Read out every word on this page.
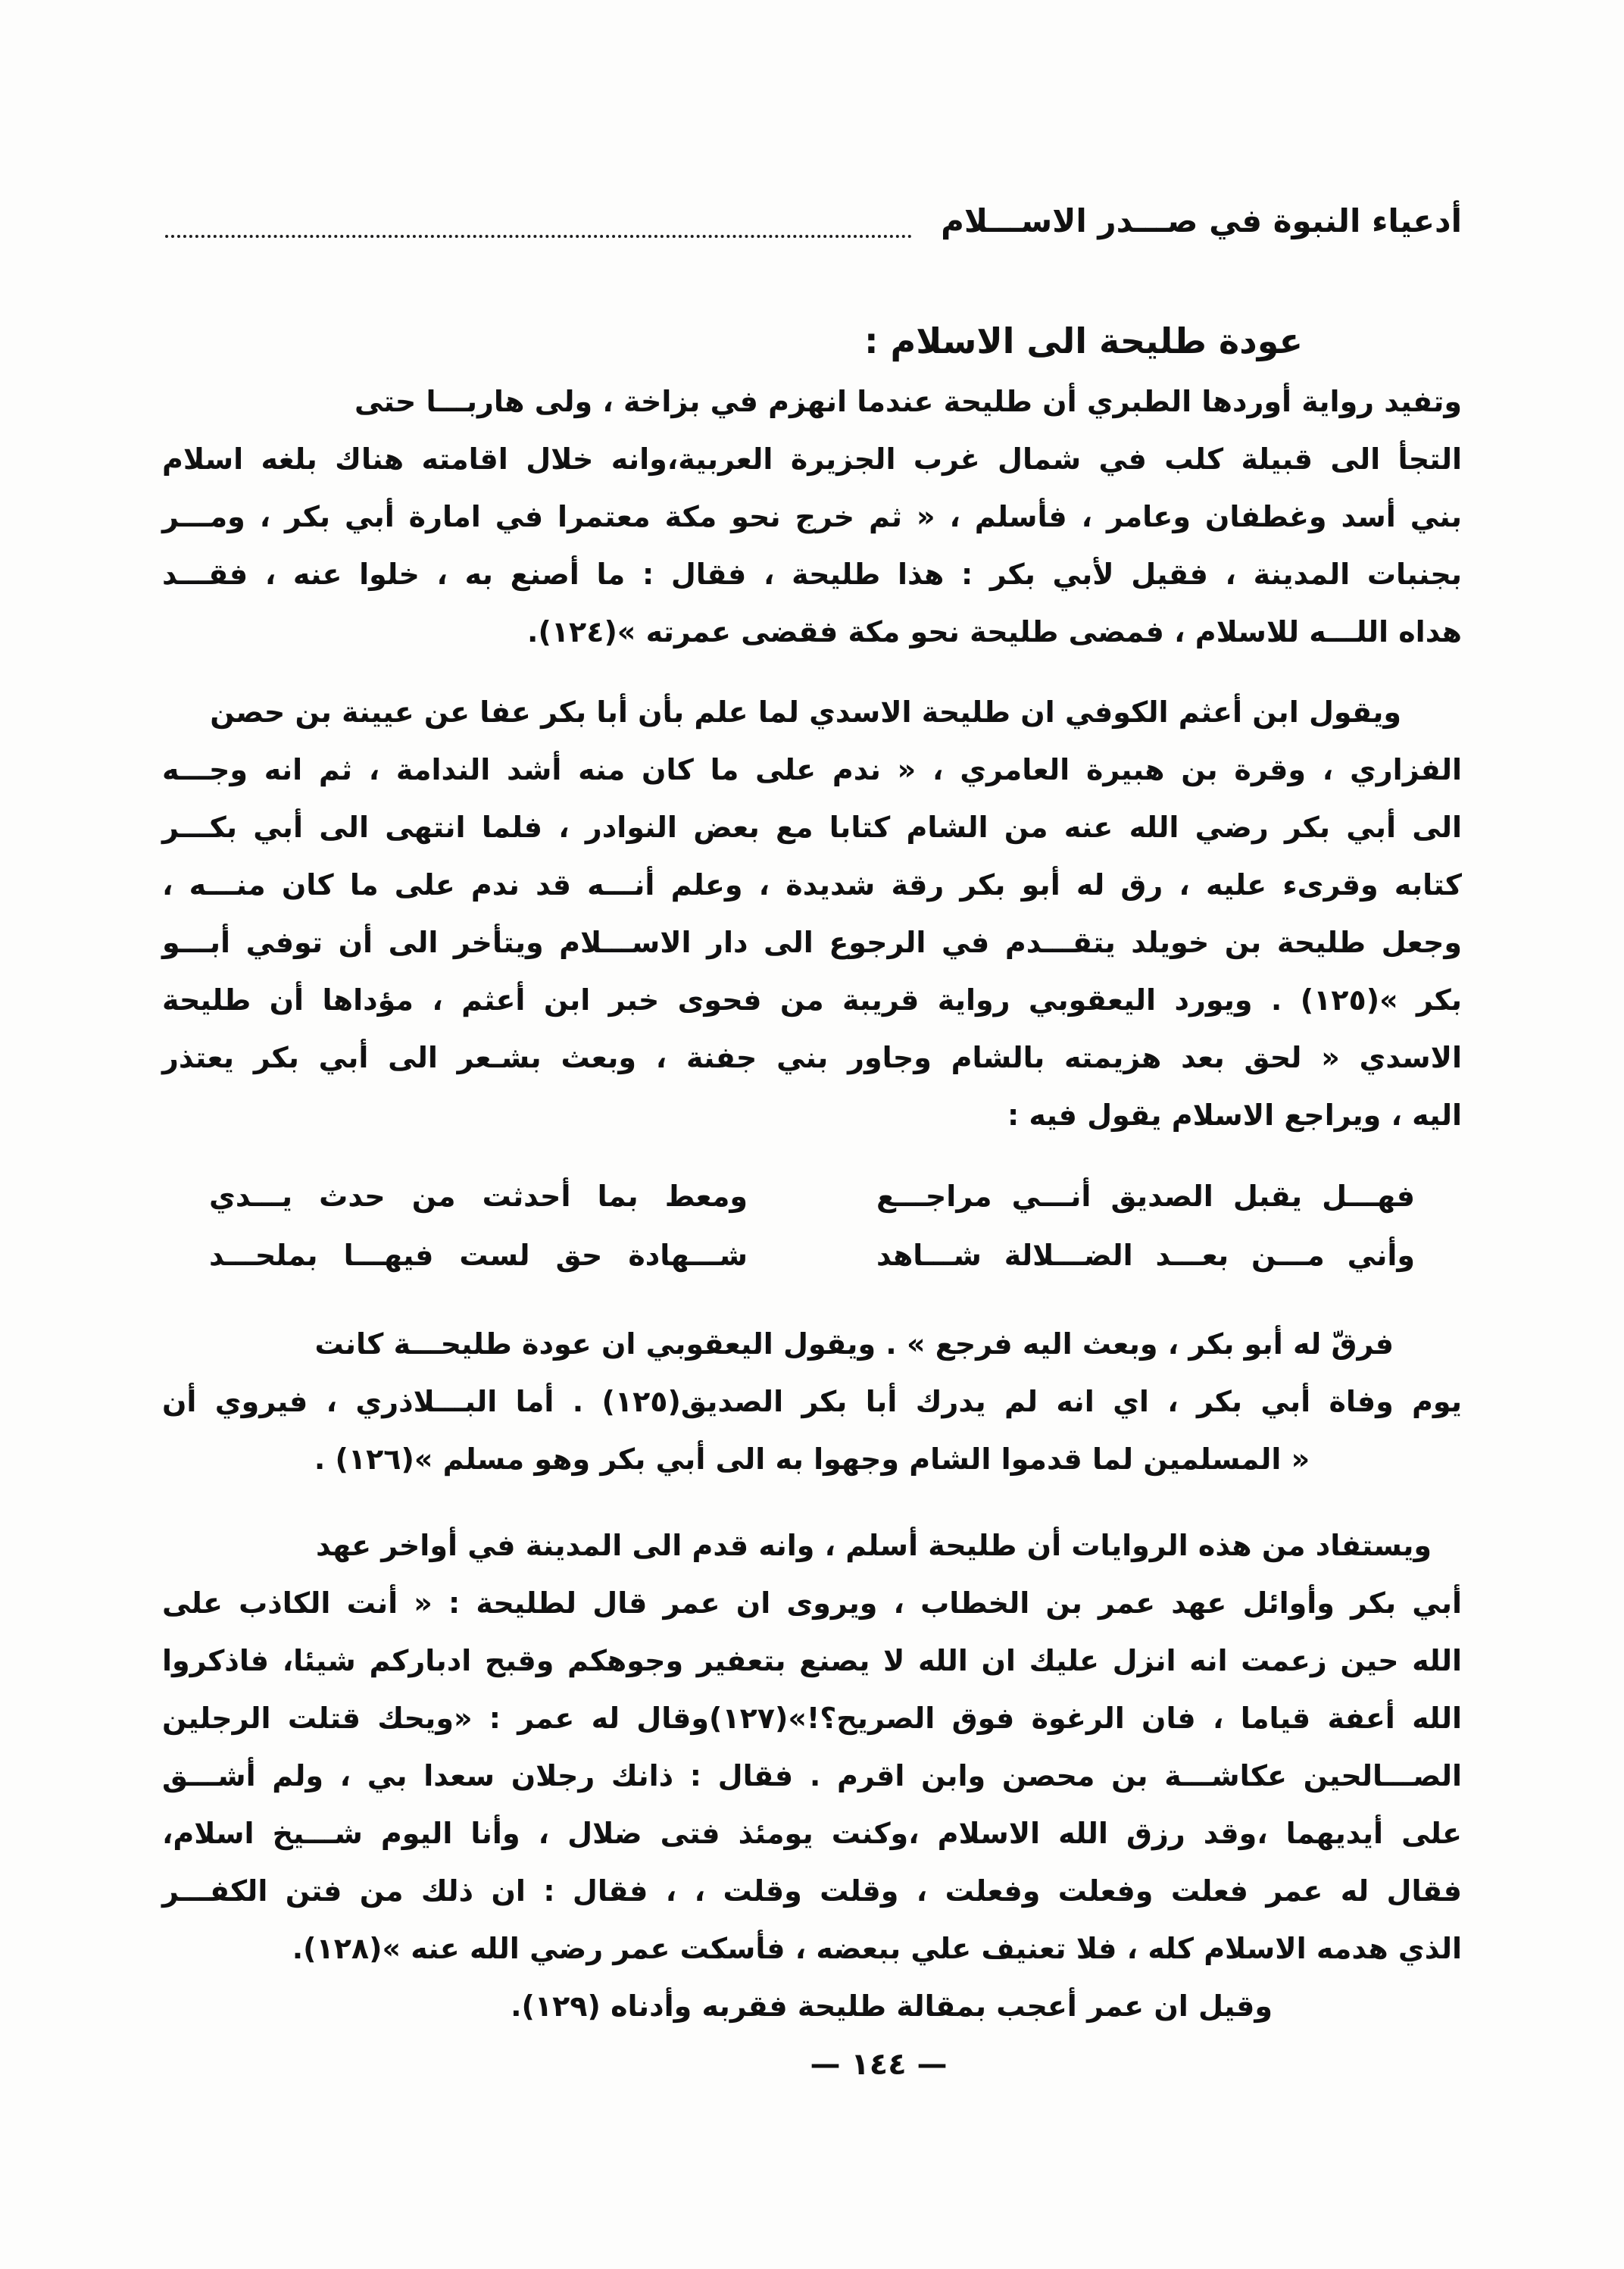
أدعياء النبوة في صـــدر الاســـلام
عودة طليحة الى الاسلام :
وتفيد رواية أوردها الطبري أن طليحة عندما انهزم في بزاخة ، ولى هاربـــا حتى
التجأ الى قبيلة كلب في شمال غرب الجزيرة العربية،وانه خلال اقامته هناك بلغه اسلام
بني أسد وغطفان وعامر ، فأسلم ، « ثم خرج نحو مكة معتمرا في امارة أبي بكر ، ومـــر
بجنبات المدينة ، فقيل لأبي بكر : هذا طليحة ، فقال : ما أصنع به ، خلوا عنه ، فقـــد
هداه اللـــه للاسلام ، فمضى طليحة نحو مكة فقضى عمرته »(١٢٤).
ويقول ابن أعثم الكوفي ان طليحة الاسدي لما علم بأن أبا بكر عفا عن عيينة بن حصن
الفزاري ، وقرة بن هبيرة العامري ، « ندم على ما كان منه أشد الندامة ، ثم انه وجـــه
الى أبي بكر رضي الله عنه من الشام كتابا مع بعض النوادر ، فلما انتهى الى أبي بكـــر
كتابه وقرىء عليه ، رق له أبو بكر رقة شديدة ، وعلم أنـــه قد ندم على ما كان منـــه ،
وجعل طليحة بن خويلد يتقـــدم في الرجوع الى دار الاســـلام ويتأخر الى أن توفي أبـــو
بكر »(١٢٥) . ويورد اليعقوبي رواية قريبة من فحوى خبر ابن أعثم ، مؤداها أن طليحة
الاسدي « لحق بعد هزيمته بالشام وجاور بني جفنة ، وبعث بشـعر الى أبي بكر يعتذر
اليه ، ويراجع الاسلام يقول فيه :
فهـــل يقبل الصديق أنـــي مراجـــع
ومعط بما أحدثت من حدث يـــدي
وأني مـــن بعـــد الضـــلالة شـــاهد
شـــهادة حق لست فيهـــا بملحـــد
فرقّ له أبو بكر ، وبعث اليه فرجع » . ويقول اليعقوبي ان عودة طليحـــة كانت
يوم وفاة أبي بكر ، اي انه لم يدرك أبا بكر الصديق(١٢٥) . أما البـــلاذري ، فيروي أن
« المسلمين لما قدموا الشام وجهوا به الى أبي بكر وهو مسلم »(١٢٦) .
ويستفاد من هذه الروايات أن طليحة أسلم ، وانه قدم الى المدينة في أواخر عهد
أبي بكر وأوائل عهد عمر بن الخطاب ، ويروى ان عمر قال لطليحة : « أنت الكاذب على
الله حين زعمت انه انزل عليك ان الله لا يصنع بتعفير وجوهكم وقبح ادباركم شيئا، فاذكروا
الله أعفة قياما ، فان الرغوة فوق الصريح؟!»(١٢٧)وقال له عمر : «ويحك قتلت الرجلين
الصـــالحين عكاشـــة بن محصن وابن اقرم . فقال : ذانك رجلان سعدا بي ، ولم أشـــق
على أيديهما ،وقد رزق الله الاسلام ،وكنت يومئذ فتى ضلال ، وأنا اليوم شـــيخ اسلام،
فقال له عمر فعلت وفعلت وفعلت ، وقلت وقلت ، ، فقال : ان ذلك من فتن الكفـــر
الذي هدمه الاسلام كله ، فلا تعنيف علي ببعضه ، فأسكت عمر رضي الله عنه »(١٢٨).
وقيل ان عمر أعجب بمقالة طليحة فقربه وأدناه (١٢٩).
— ١٤٤ —
